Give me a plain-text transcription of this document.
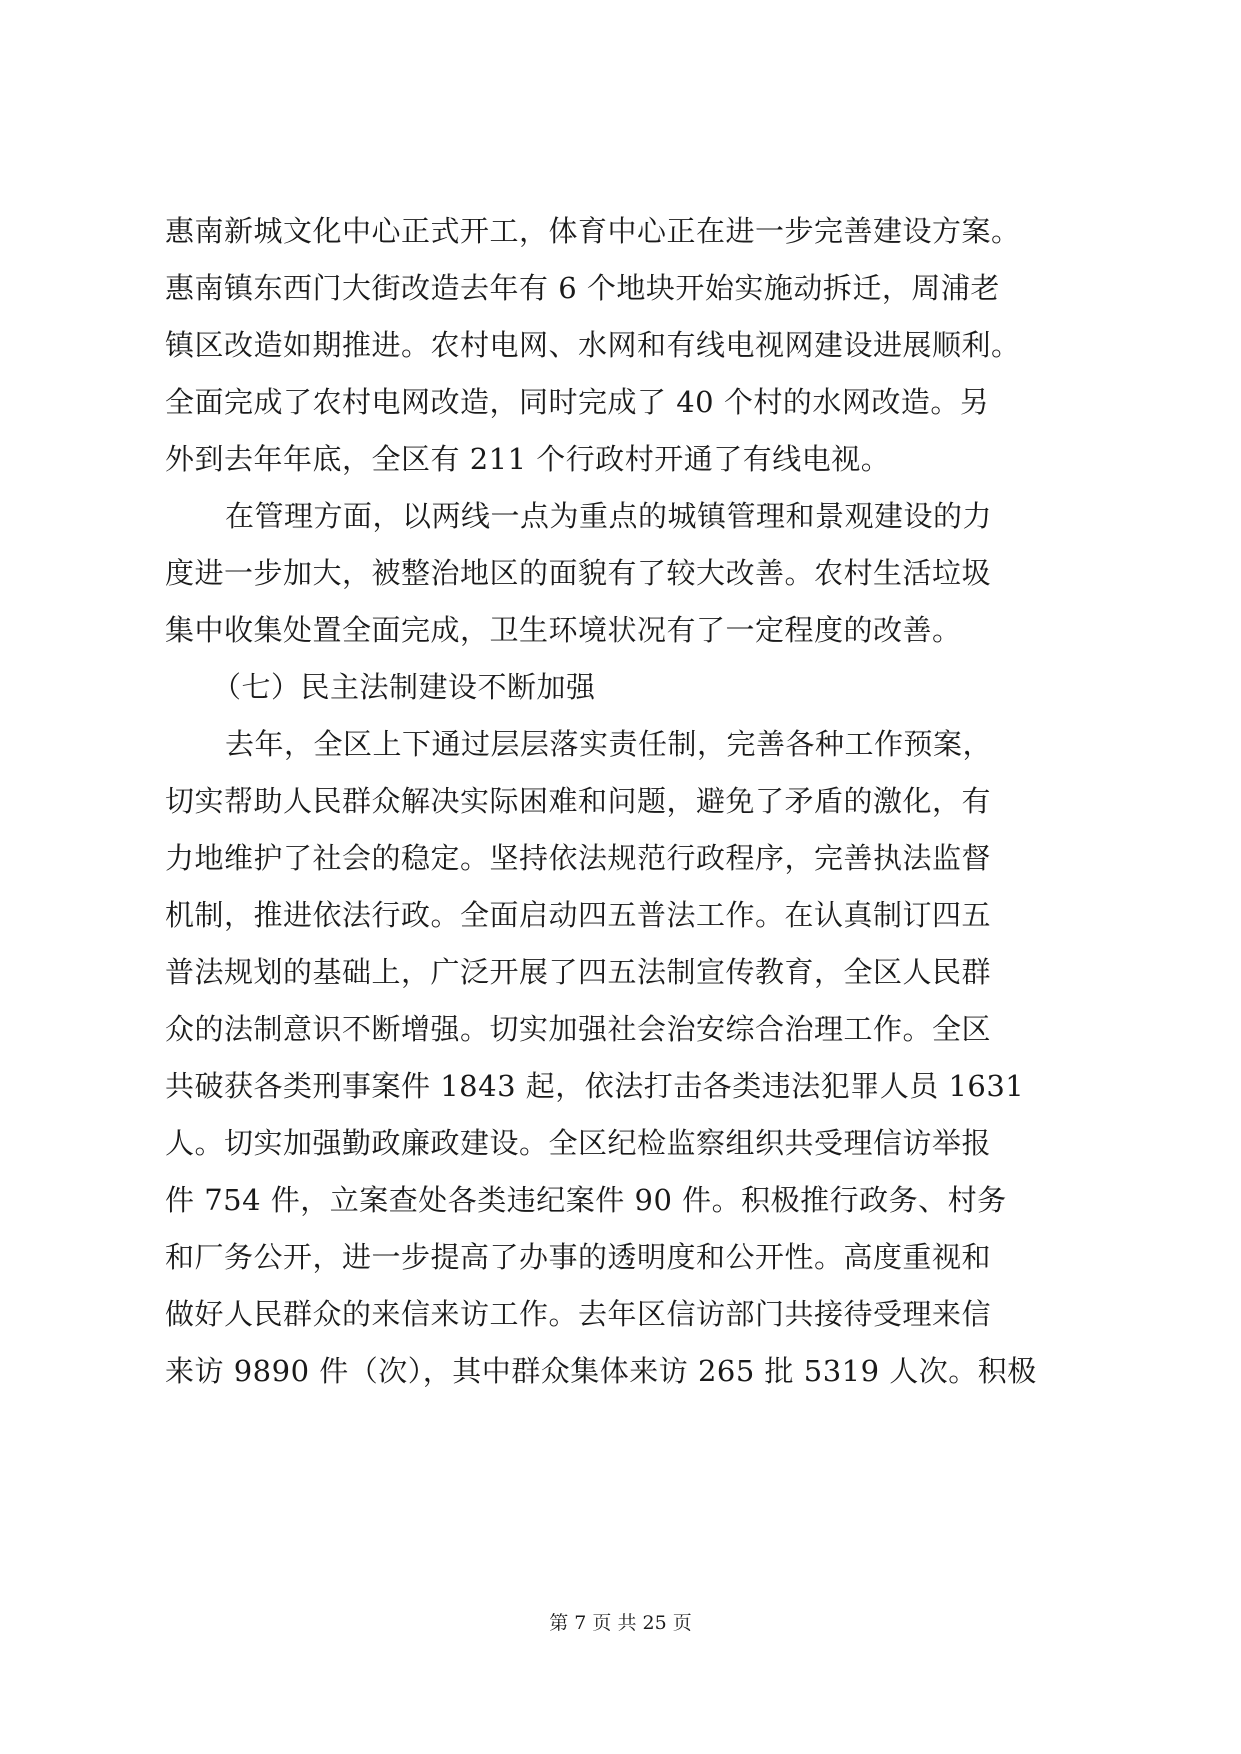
惠南新城文化中心正式开工，体育中心正在进一步完善建设方案。
惠南镇东西门大街改造去年有 6 个地块开始实施动拆迁，周浦老
镇区改造如期推进。农村电网、水网和有线电视网建设进展顺利。
全面完成了农村电网改造，同时完成了 40 个村的水网改造。另
外到去年年底，全区有 211 个行政村开通了有线电视。
在管理方面，以两线一点为重点的城镇管理和景观建设的力
度进一步加大，被整治地区的面貌有了较大改善。农村生活垃圾
集中收集处置全面完成，卫生环境状况有了一定程度的改善。
（七）民主法制建设不断加强
去年，全区上下通过层层落实责任制，完善各种工作预案，
切实帮助人民群众解决实际困难和问题，避免了矛盾的激化，有
力地维护了社会的稳定。坚持依法规范行政程序，完善执法监督
机制，推进依法行政。全面启动四五普法工作。在认真制订四五
普法规划的基础上，广泛开展了四五法制宣传教育，全区人民群
众的法制意识不断增强。切实加强社会治安综合治理工作。全区
共破获各类刑事案件 1843 起，依法打击各类违法犯罪人员 1631
人。切实加强勤政廉政建设。全区纪检监察组织共受理信访举报
件 754 件，立案查处各类违纪案件 90 件。积极推行政务、村务
和厂务公开，进一步提高了办事的透明度和公开性。高度重视和
做好人民群众的来信来访工作。去年区信访部门共接待受理来信
来访 9890 件（次），其中群众集体来访 265 批 5319 人次。积极
第 7 页 共 25 页
